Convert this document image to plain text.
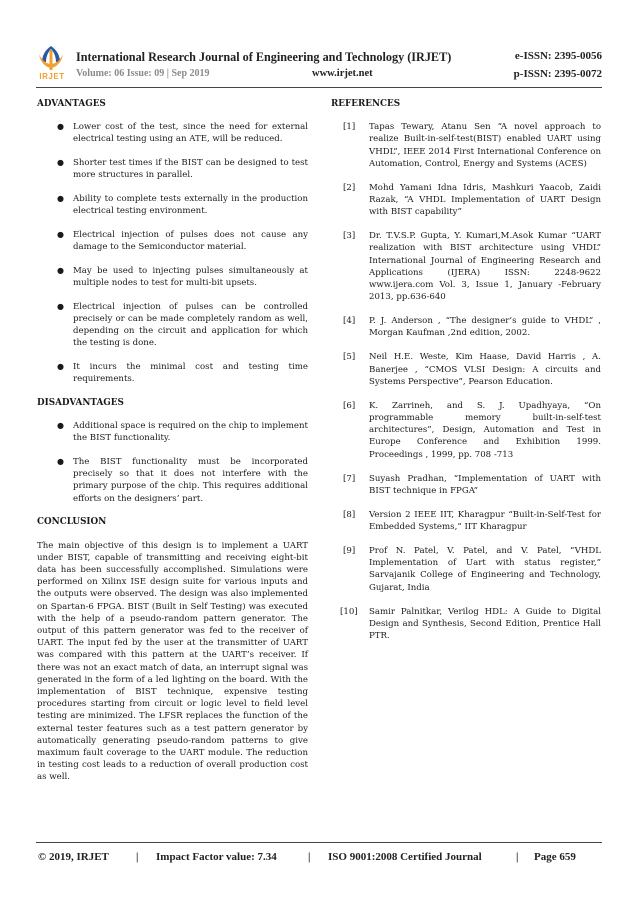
IRJET
International Research Journal of Engineering and Technology (IRJET)	e-ISSN: 2395-0056
Volume: 06 Issue: 09 | Sep 2019	www.irjet.net	p-ISSN: 2395-0072
ADVANTAGES
● Lower cost of the test, since the need for external electrical testing using an ATE, will be reduced.
● Shorter test times if the BIST can be designed to test more structures in parallel.
● Ability to complete tests externally in the production electrical testing environment.
● Electrical injection of pulses does not cause any damage to the Semiconductor material.
● May be used to injecting pulses simultaneously at multiple nodes to test for multi-bit upsets.
● Electrical injection of pulses can be controlled precisely or can be made completely random as well, depending on the circuit and application for which the testing is done.
● It incurs the minimal cost and testing time requirements.
DISADVANTAGES
● Additional space is required on the chip to implement the BIST functionality.
● The BIST functionality must be incorporated precisely so that it does not interfere with the primary purpose of the chip. This requires additional efforts on the designers’ part.
CONCLUSION

The main objective of this design is to implement a UART under BIST, capable of transmitting and receiving eight-bit data has been successfully accomplished. Simulations were performed on Xilinx ISE design suite for various inputs and the outputs were observed. The design was also implemented on Spartan-6 FPGA. BIST (Built in Self Testing) was executed with the help of a pseudo-random pattern generator. The output of this pattern generator was fed to the receiver of UART. The input fed by the user at the transmitter of UART was compared with this pattern at the UART’s receiver. If there was not an exact match of data, an interrupt signal was generated in the form of a led lighting on the board. With the implementation of BIST technique, expensive testing procedures starting from circuit or logic level to field level testing are minimized. The LFSR replaces the function of the external tester features such as a test pattern generator by automatically generating pseudo-random patterns to give maximum fault coverage to the UART module. The reduction in testing cost leads to a reduction of overall production cost as well.

REFERENCES
[1] Tapas Tewary, Atanu Sen “A novel approach to realize Built-in-self-test(BIST) enabled UART using VHDL”, IEEE 2014 First International Conference on Automation, Control, Energy and Systems (ACES)
[2] Mohd Yamani Idna Idris, Mashkuri Yaacob, Zaidi Razak, “A VHDL Implementation of UART Design with BIST capability”
[3] Dr. T.V.S.P. Gupta, Y. Kumari,M.Asok Kumar “UART realization with BIST architecture using VHDL” International Journal of Engineering Research and Applications (IJERA) ISSN: 2248-9622 www.ijera.com Vol. 3, Issue 1, January -February 2013, pp.636-640
[4] P. J. Anderson , “The designer’s guide to VHDL” , Morgan Kaufman ,2nd edition, 2002.
[5] Neil H.E. Weste, Kim Haase, David Harris , A. Banerjee , “CMOS VLSI Design: A circuits and Systems Perspective”, Pearson Education.
[6] K. Zarrineh, and S. J. Upadhyaya, “On programmable memory built-in-self-test architectures”, Design, Automation and Test in Europe Conference and Exhibition 1999. Proceedings , 1999, pp. 708 -713
[7] Suyash Pradhan, “Implementation of UART with BIST technique in FPGA”
[8] Version 2 IEEE IIT, Kharagpur “Built-in-Self-Test for Embedded Systems,” IIT Kharagpur
[9] Prof N. Patel, V. Patel, and V. Patel, “VHDL Implementation of Uart with status register,” Sarvajanik College of Engineering and Technology, Gujarat, India
[10] Samir Palnitkar, Verilog HDL: A Guide to Digital Design and Synthesis, Second Edition, Prentice Hall PTR.
© 2019, IRJET | Impact Factor value: 7.34	| ISO 9001:2008 Certified Journal	| Page 659
